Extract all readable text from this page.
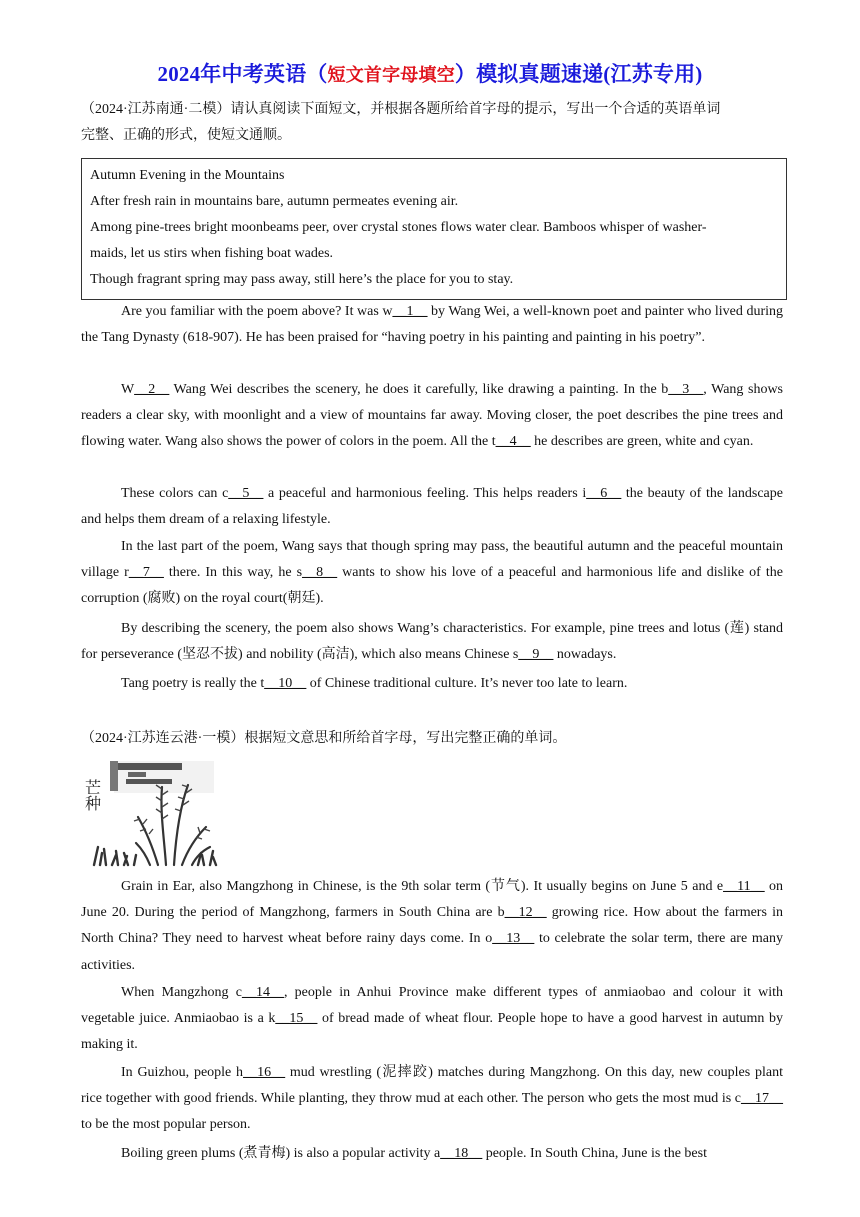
2024年中考英语（短文首字母填空）模拟真题速递(江苏专用)
（2024·江苏南通·二模）请认真阅读下面短文，并根据各题所给首字母的提示，写出一个合适的英语单词
完整、正确的形式，使短文通顺。
Autumn Evening in the Mountains
After fresh rain in mountains bare, autumn permeates evening air.
Among pine-trees bright moonbeams peer, over crystal stones flows water clear. Bamboos whisper of washer-
maids, let us stirs when fishing boat wades.
Though fragrant spring may pass away, still here’s the place for you to stay.
Are you familiar with the poem above? It was w__1__ by Wang Wei, a well-known poet and painter who lived during the Tang Dynasty (618-907). He has been praised for “having poetry in his painting and painting in his poetry”.
W__2__ Wang Wei describes the scenery, he does it carefully, like drawing a painting. In the b__3__, Wang shows readers a clear sky, with moonlight and a view of mountains far away. Moving closer, the poet describes the pine trees and flowing water. Wang also shows the power of colors in the poem. All the t__4__ he describes are green, white and cyan.
These colors can c__5__ a peaceful and harmonious feeling. This helps readers i__6__ the beauty of the landscape and helps them dream of a relaxing lifestyle.
In the last part of the poem, Wang says that though spring may pass, the beautiful autumn and the peaceful mountain village r__7__ there. In this way, he s__8__ wants to show his love of a peaceful and harmonious life and dislike of the corruption (腐败) on the royal court(朝廷).
By describing the scenery, the poem also shows Wang’s characteristics. For example, pine trees and lotus (莲) stand for perseverance (坚忍不拔) and nobility (高洁), which also means Chinese s__9__ nowadays.
Tang poetry is really the t__10__ of Chinese traditional culture. It’s never too late to learn.
（2024·江苏连云港·一模）根据短文意思和所给首字母，写出完整正确的单词。
芒种
Grain in Ear, also Mangzhong in Chinese, is the 9th solar term (节气). It usually begins on June 5 and e__11__ on June 20. During the period of Mangzhong, farmers in South China are b__12__ growing rice. How about the farmers in North China? They need to harvest wheat before rainy days come. In o__13__ to celebrate the solar term, there are many activities.
When Mangzhong c__14__, people in Anhui Province make different types of anmiaobao and colour it with vegetable juice. Anmiaobao is a k__15__ of bread made of wheat flour. People hope to have a good harvest in autumn by making it.
In Guizhou, people h__16__ mud wrestling (泥摔跤) matches during Mangzhong. On this day, new couples plant rice together with good friends. While planting, they throw mud at each other. The person who gets the most mud is c__17__ to be the most popular person.
Boiling green plums (煮青梅) is also a popular activity a__18__ people. In South China, June is the best
